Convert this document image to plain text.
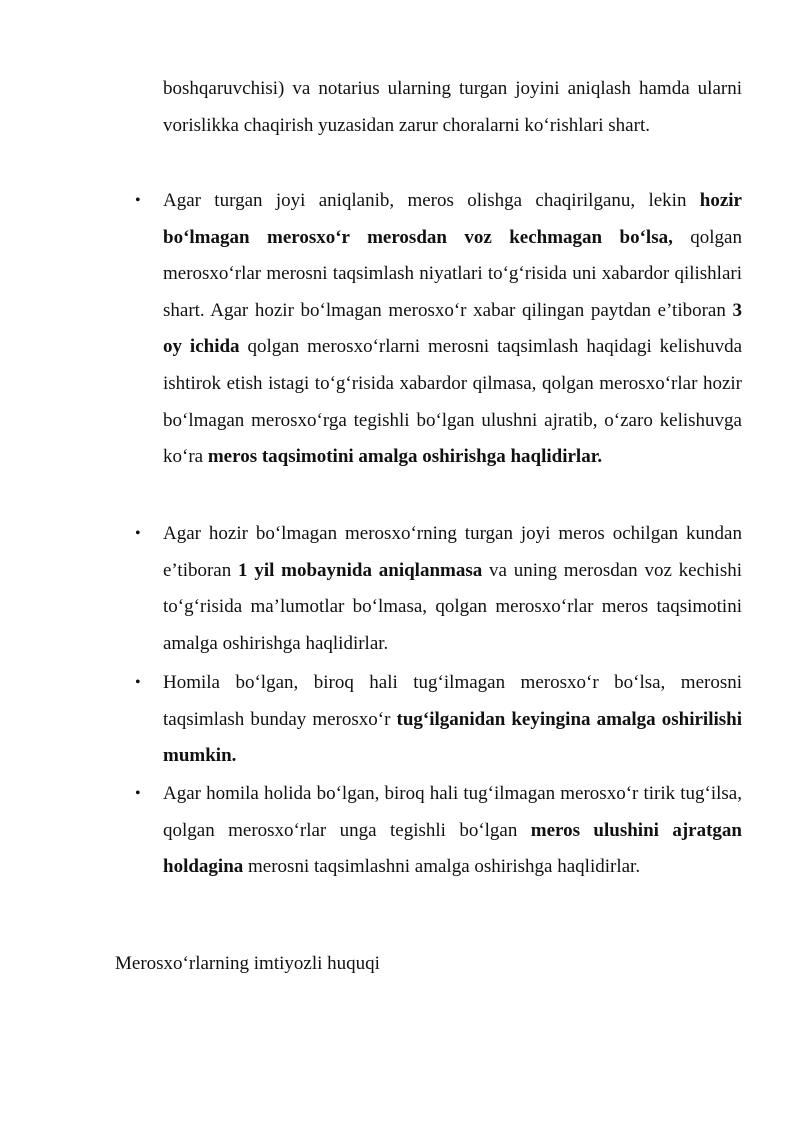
boshqaruvchisi) va notarius ularning turgan joyini aniqlash hamda ularni vorislikka chaqirish yuzasidan zarur choralarni ko‘rishlari shart.

•	Agar turgan joyi aniqlanib, meros olishga chaqirilganu, lekin hozir bo‘lmagan merosxo‘r merosdan voz kechmagan bo‘lsa, qolgan merosxo‘rlar merosni taqsimlash niyatlari to‘g‘risida uni xabardor qilishlari shart. Agar hozir bo‘lmagan merosxo‘r xabar qilingan paytdan e’tiboran 3 oy ichida qolgan merosxo‘rlarni merosni taqsimlash haqidagi kelishuvda ishtirok etish istagi to‘g‘risida xabardor qilmasa, qolgan merosxo‘rlar hozir bo‘lmagan merosxo‘rga tegishli bo‘lgan ulushni ajratib, o‘zaro kelishuvga ko‘ra meros taqsimotini amalga oshirishga haqlidirlar.

•	Agar hozir bo‘lmagan merosxo‘rning turgan joyi meros ochilgan kundan e’tiboran 1 yil mobaynida aniqlanmasa va uning merosdan voz kechishi to‘g‘risida ma’lumotlar bo‘lmasa, qolgan merosxo‘rlar meros taqsimotini amalga oshirishga haqlidirlar.

•	Homila bo‘lgan, biroq hali tug‘ilmagan merosxo‘r bo‘lsa, merosni taqsimlash bunday merosxo‘r tug‘ilganidan keyingina amalga oshirilishi mumkin.

•	Agar homila holida bo‘lgan, biroq hali tug‘ilmagan merosxo‘r tirik tug‘ilsa, qolgan merosxo‘rlar unga tegishli bo‘lgan meros ulushini ajratgan holdagina merosni taqsimlashni amalga oshirishga haqlidirlar.

Merosxo‘rlarning imtiyozli huquqi
